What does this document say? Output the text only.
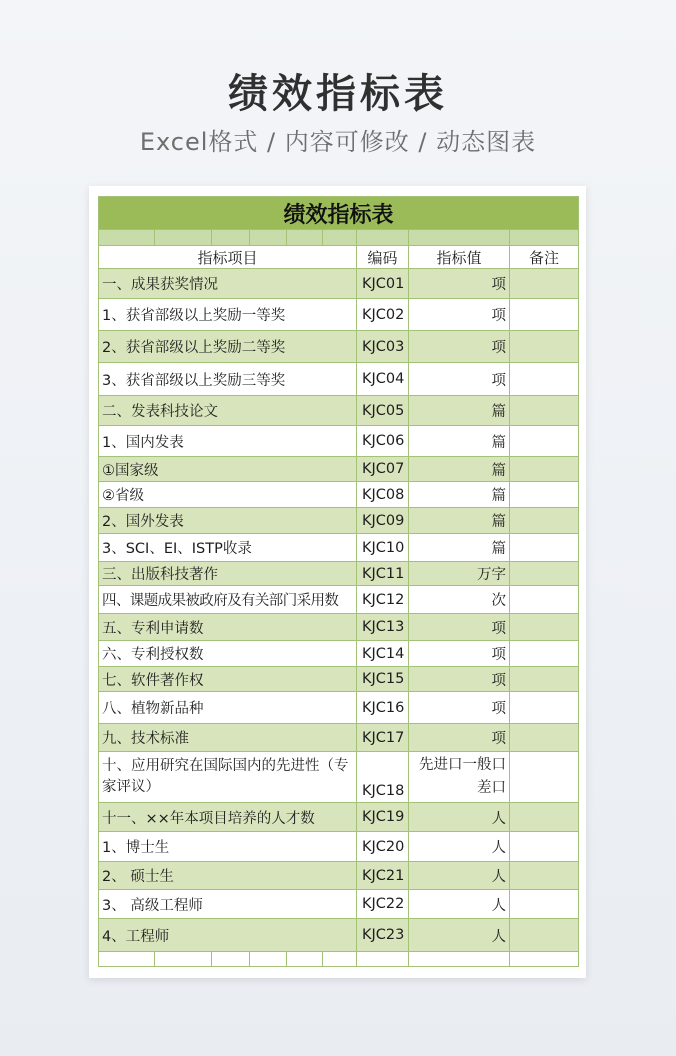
绩效指标表
Excel格式 / 内容可修改 / 动态图表
绩效指标表								

指标项目						编码	指标值	备注
一、成果获奖情况						KJC01	项	
1、获省部级以上奖励一等奖						KJC02	项	
2、获省部级以上奖励二等奖						KJC03	项	
3、获省部级以上奖励三等奖						KJC04	项	
二、发表科技论文						KJC05	篇	
1、国内发表						KJC06	篇	
①国家级						KJC07	篇	
②省级						KJC08	篇	
2、国外发表						KJC09	篇	
3、SCI、EI、ISTP收录						KJC10	篇	
三、出版科技著作						KJC11	万字	
四、课题成果被政府及有关部门采用数						KJC12	次	
五、专利申请数						KJC13	项	
六、专利授权数						KJC14	项	
七、软件著作权						KJC15	项	
八、植物新品种						KJC16	项	
九、技术标准						KJC17	项	
十、应用研究在国际国内的先进性（专家评议）						KJC18	先进口一般口差口	
十一、××年本项目培养的人才数						KJC19	人	
1、博士生						KJC20	人	
2、 硕士生						KJC21	人	
3、 高级工程师						KJC22	人	
4、工程师						KJC23	人	
